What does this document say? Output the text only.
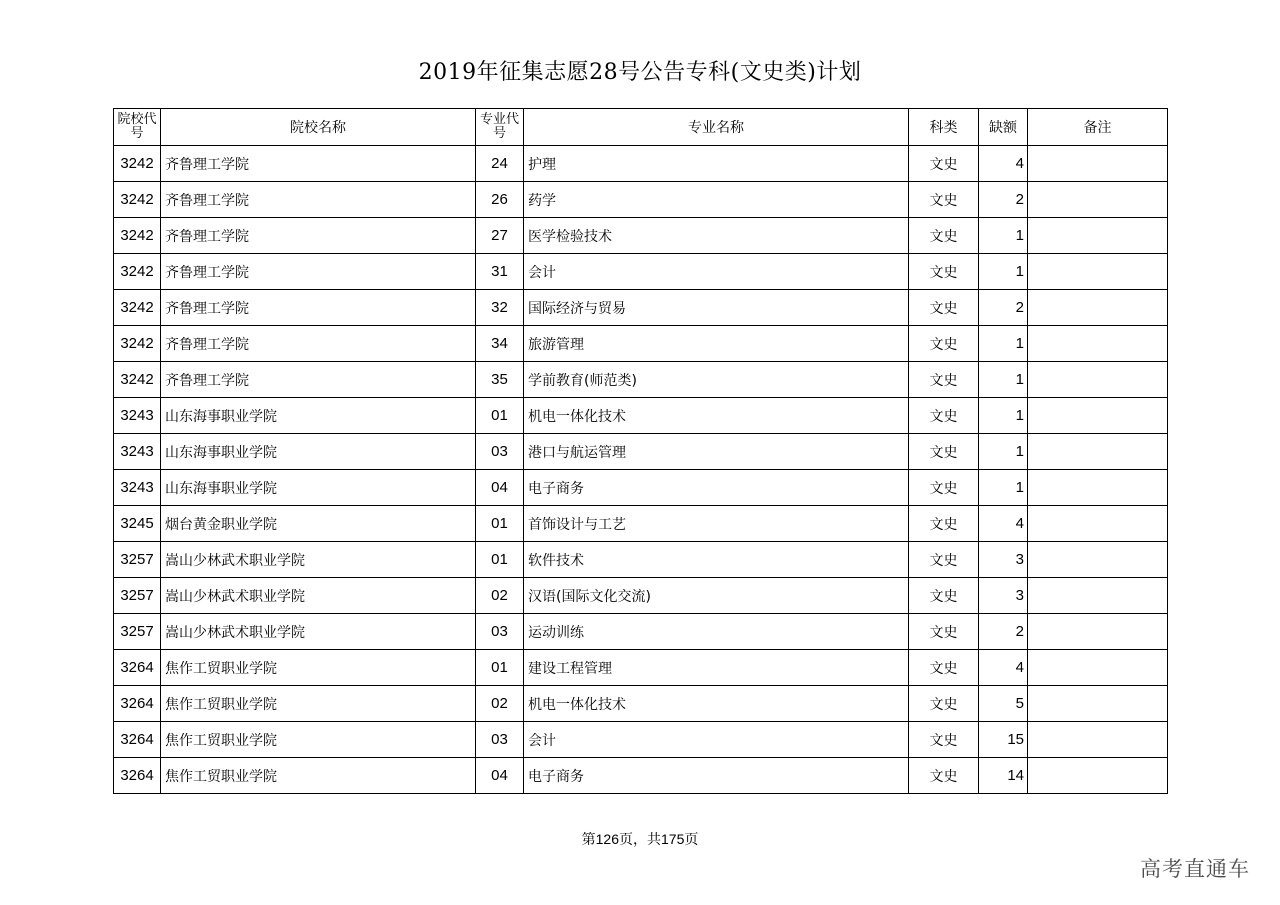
2019年征集志愿28号公告专科(文史类)计划
院校代号	院校名称	专业代号	专业名称	科类	缺额	备注
3242	齐鲁理工学院	24	护理	文史	4	
3242	齐鲁理工学院	26	药学	文史	2	
3242	齐鲁理工学院	27	医学检验技术	文史	1	
3242	齐鲁理工学院	31	会计	文史	1	
3242	齐鲁理工学院	32	国际经济与贸易	文史	2	
3242	齐鲁理工学院	34	旅游管理	文史	1	
3242	齐鲁理工学院	35	学前教育(师范类)	文史	1	
3243	山东海事职业学院	01	机电一体化技术	文史	1	
3243	山东海事职业学院	03	港口与航运管理	文史	1	
3243	山东海事职业学院	04	电子商务	文史	1	
3245	烟台黄金职业学院	01	首饰设计与工艺	文史	4	
3257	嵩山少林武术职业学院	01	软件技术	文史	3	
3257	嵩山少林武术职业学院	02	汉语(国际文化交流)	文史	3	
3257	嵩山少林武术职业学院	03	运动训练	文史	2	
3264	焦作工贸职业学院	01	建设工程管理	文史	4	
3264	焦作工贸职业学院	02	机电一体化技术	文史	5	
3264	焦作工贸职业学院	03	会计	文史	15	
3264	焦作工贸职业学院	04	电子商务	文史	14	
第126页，共175页
高考直通车
